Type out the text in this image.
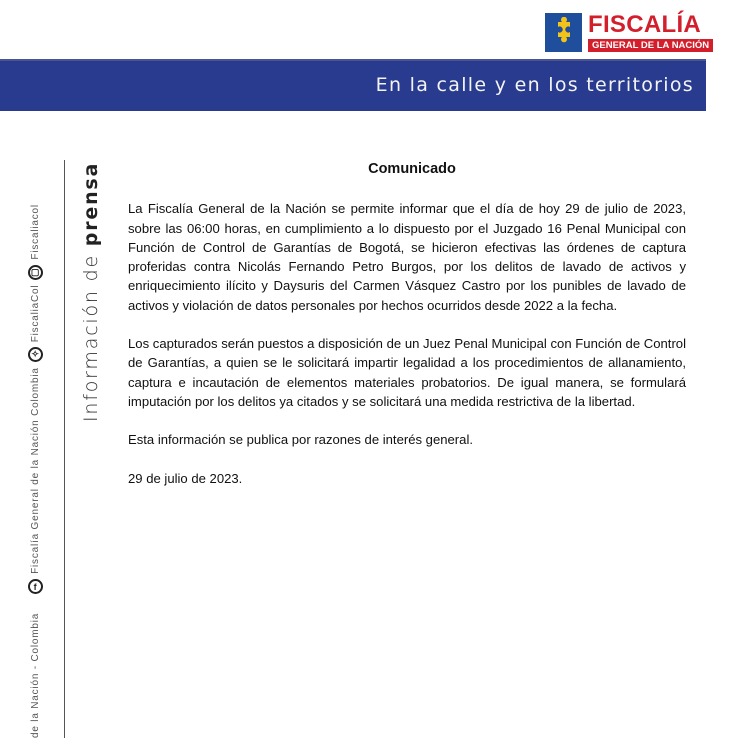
FISCALÍA
GENERAL DE LA NACIÓN
En la calle y en los territorios
de la Nación - Colombia
f
Fiscalía General de la Nación Colombia
✧
FiscaliaCol
▢
Fiscaliacol
Información de prensa	Comunicado

La Fiscalía General de la Nación se permite informar que el día de hoy 29 de julio de 2023, sobre las 06:00 horas, en cumplimiento a lo dispuesto por el Juzgado 16 Penal Municipal con Función de Control de Garantías de Bogotá, se hicieron efectivas las órdenes de captura proferidas contra Nicolás Fernando Petro Burgos, por los delitos de lavado de activos y enriquecimiento ilícito y Daysuris del Carmen Vásquez Castro por los punibles de lavado de activos y violación de datos personales por hechos ocurridos desde 2022 a la fecha.

Los capturados serán puestos a disposición de un Juez Penal Municipal con Función de Control de Garantías, a quien se le solicitará impartir legalidad a los procedimientos de allanamiento, captura e incautación de elementos materiales probatorios. De igual manera, se formulará imputación por los delitos ya citados y se solicitará una medida restrictiva de la libertad.

Esta información se publica por razones de interés general.

29 de julio de 2023.
